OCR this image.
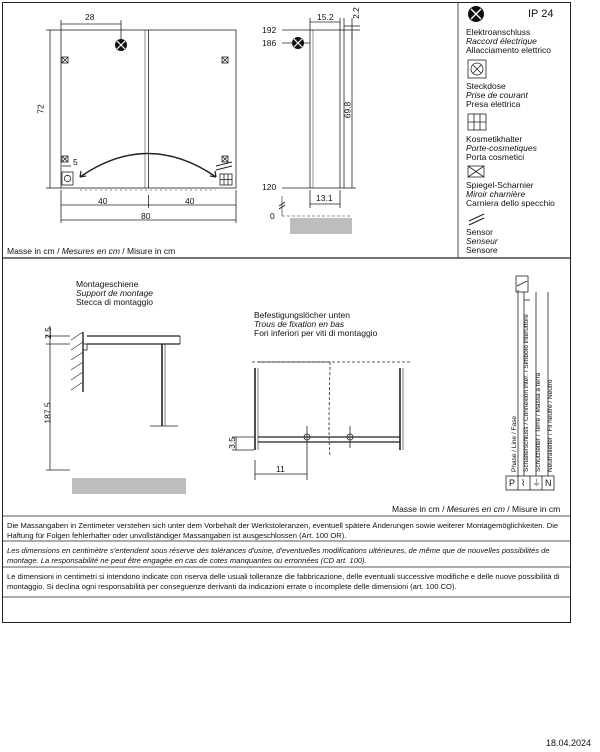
IP 24
Elektroanschluss
Raccord électrique
Allacciamento elettrico
Steckdose
Prise de courant
Presa elettrica
Kosmetikhalter
Porte-cosmetiques
Porta cosmetici
Spiegel-Scharnier
Miroir charnière
Carniera dello specchio
Sensor
Senseur
Sensore
28
72
5
40	40
80
15.2 2.2
192
186
69.8
120
13.1
0
Masse in cm / Mesures en cm / Misure in cm
Montageschiene
Support de montage
Stecca di montaggio
2.5
187.5
Befestigungslöcher unten
Trous de fixation en bas
Fori inferiori per viti di montaggio
3.5
11	Phase / Line / Fase Schalterschluss / Connexion inter. / Simbolo interuttore Schutzleiter / Terre / Massa a terra Neutralleiter / Fil neutre / Neutro
P ⌇ ⏚ N
Masse in cm / Mesures en cm / Misure in cm
Die Massangaben in Zentimeter verstehen sich unter dem Vorbehalt der Werkstoleranzen, eventuell spätere Änderungen sowie weiterer Montagemöglichkeiten. Die Haftung für Folgen fehlerhafter oder unvollständiger Massangaben ist ausgeschlossen (Art. 100 OR).
Les dimensions en centimètre s'entendent sous réserve des tolérances d'usine, d'eventuelles modifications ultérieures, de même que de nouvelles possibilités de montage. La responsabilité ne peut être engagée en cas de cotes manquantes ou erronnées (CD art. 100).
Le dimensioni in centimetri si intendono indicate con riserva delle usuali tolleranze die fabbricazione, delle eventuali successive modifiche e delle nuove possibilità di montaggio. Si declina ogni responsabilità per conseguenze derivanti da indicazioni errate o incomplete delle dimensioni (art. 100 CO).
18.04.2024
